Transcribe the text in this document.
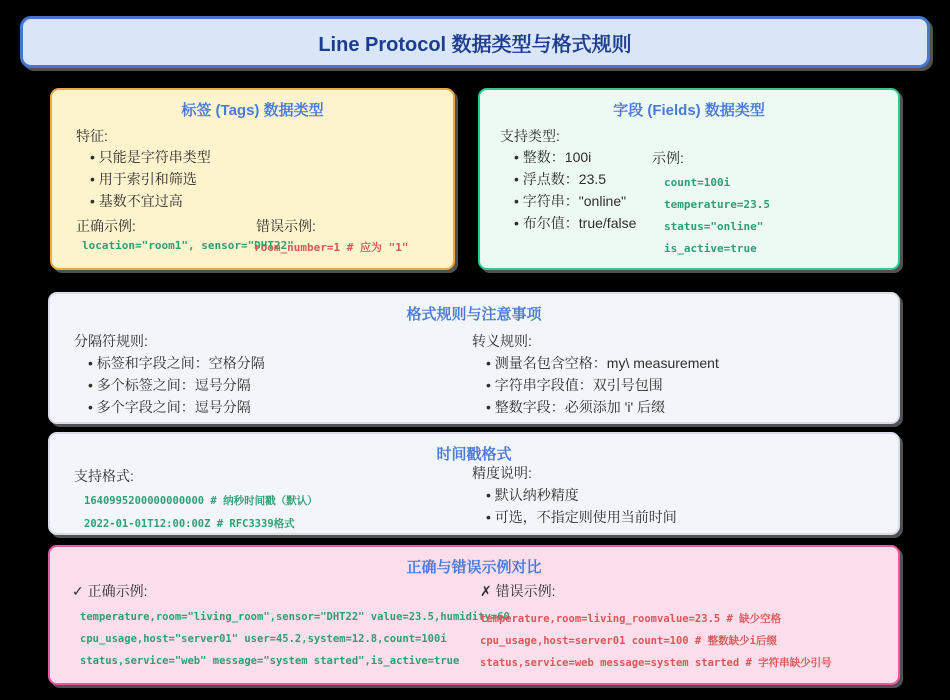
Line Protocol 数据类型与格式规则
标签 (Tags) 数据类型
特征:
• 只能是字符串类型
• 用于索引和筛选
• 基数不宜过高
正确示例:	错误示例:
location="room1", sensor="DHT22"
room_number=1 # 应为 "1"
字段 (Fields) 数据类型
支持类型:
• 整数：100i
• 浮点数：23.5
• 字符串："online"
• 布尔值：true/false
示例:
count=100i
temperature=23.5
status="online"
is_active=true
格式规则与注意事项
分隔符规则:
• 标签和字段之间：空格分隔
• 多个标签之间：逗号分隔
• 多个字段之间：逗号分隔
转义规则:
• 测量名包含空格：my\ measurement
• 字符串字段值：双引号包围
• 整数字段：必须添加 'i' 后缀
时间戳格式
支持格式:
1640995200000000000 # 纳秒时间戳（默认）
2022-01-01T12:00:00Z # RFC3339格式
精度说明:
• 默认纳秒精度
• 可选，不指定则使用当前时间
正确与错误示例对比
✓ 正确示例:	✗ 错误示例:
temperature,room="living_room",sensor="DHT22" value=23.5,humidity=60
cpu_usage,host="server01" user=45.2,system=12.8,count=100i
status,service="web" message="system started",is_active=true
temperature,room=living_roomvalue=23.5 # 缺少空格
cpu_usage,host=server01 count=100 # 整数缺少i后缀
status,service=web message=system started # 字符串缺少引号
